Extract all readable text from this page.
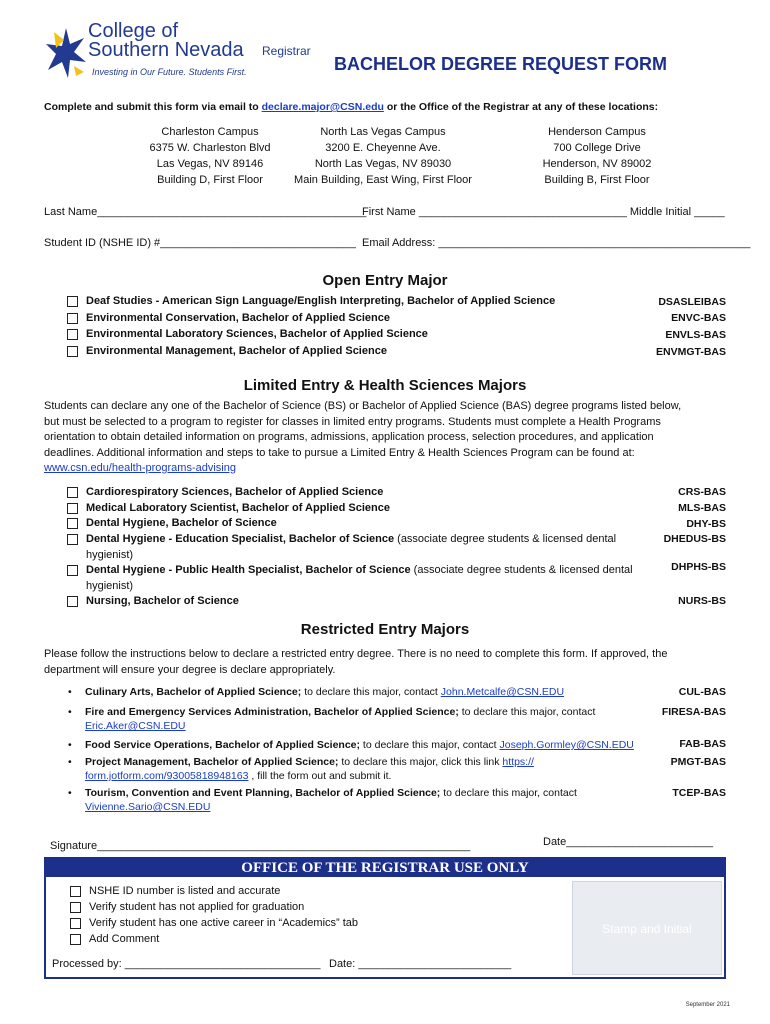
College of
Southern Nevada
Investing in Our Future. Students First.
Registrar
BACHELOR DEGREE REQUEST FORM
Complete and submit this form via email to declare.major@CSN.edu or the Office of the Registrar at any of these locations:
Charleston Campus
6375 W. Charleston Blvd
Las Vegas, NV 89146
Building D, First Floor
North Las Vegas Campus
3200 E. Cheyenne Ave.
North Las Vegas, NV 89030
Main Building, East Wing, First Floor
Henderson Campus
700 College Drive
Henderson, NV 89002
Building B, First Floor
Last Name____________________________________________
First Name __________________________________ Middle Initial _____
Student ID (NSHE ID) #________________________________ Email Address: ___________________________________________________
Open Entry Major
Deaf Studies - American Sign Language/English Interpreting, Bachelor of Applied Science	DSASLEIBAS
Environmental Conservation, Bachelor of Applied Science	ENVC-BAS
Environmental Laboratory Sciences, Bachelor of Applied Science	ENVLS-BAS
Environmental Management, Bachelor of Applied Science	ENVMGT-BAS
Limited Entry & Health Sciences Majors
Students can declare any one of the Bachelor of Science (BS) or Bachelor of Applied Science (BAS) degree programs listed below,
but must be selected to a program to register for classes in limited entry programs. Students must complete a Health Programs
orientation to obtain detailed information on programs, admissions, application process, selection procedures, and application
deadlines. Additional information and steps to take to pursue a Limited Entry & Health Sciences Program can be found at:
www.csn.edu/health-programs-advising
Cardiorespiratory Sciences, Bachelor of Applied Science	CRS-BAS
Medical Laboratory Scientist, Bachelor of Applied Science	MLS-BAS
Dental Hygiene, Bachelor of Science	DHY-BS
Dental Hygiene - Education Specialist, Bachelor of Science (associate degree students & licensed dental
hygienist)
DHEDUS-BS
Dental Hygiene - Public Health Specialist, Bachelor of Science (associate degree students & licensed dental
hygienist)
DHPHS-BS
Nursing, Bachelor of Science	NURS-BS
Restricted Entry Majors
Please follow the instructions below to declare a restricted entry degree. There is no need to complete this form. If approved, the
department will ensure your degree is declare appropriately.
• Culinary Arts, Bachelor of Applied Science; to declare this major, contact John.Metcalfe@CSN.EDU	CUL-BAS
• Fire and Emergency Services Administration, Bachelor of Applied Science; to declare this major, contact
Eric.Aker@CSN.EDU
FIRESA-BAS
• Food Service Operations, Bachelor of Applied Science; to declare this major, contact Joseph.Gormley@CSN.EDU	FAB-BAS
• Project Management, Bachelor of Applied Science; to declare this major, click this link https://
form.jotform.com/93005818948163 , fill the form out and submit it.
PMGT-BAS
• Tourism, Convention and Event Planning, Bachelor of Applied Science; to declare this major, contact
Vivienne.Sario@CSN.EDU
TCEP-BAS
Signature_____________________________________________________________	Date________________________
OFFICE OF THE REGISTRAR USE ONLY
NSHE ID number is listed and accurate
Verify student has not applied for graduation
Verify student has one active career in “Academics” tab
Add Comment
Stamp and Initial
Processed by: ________________________________ Date: _________________________
September 2021
